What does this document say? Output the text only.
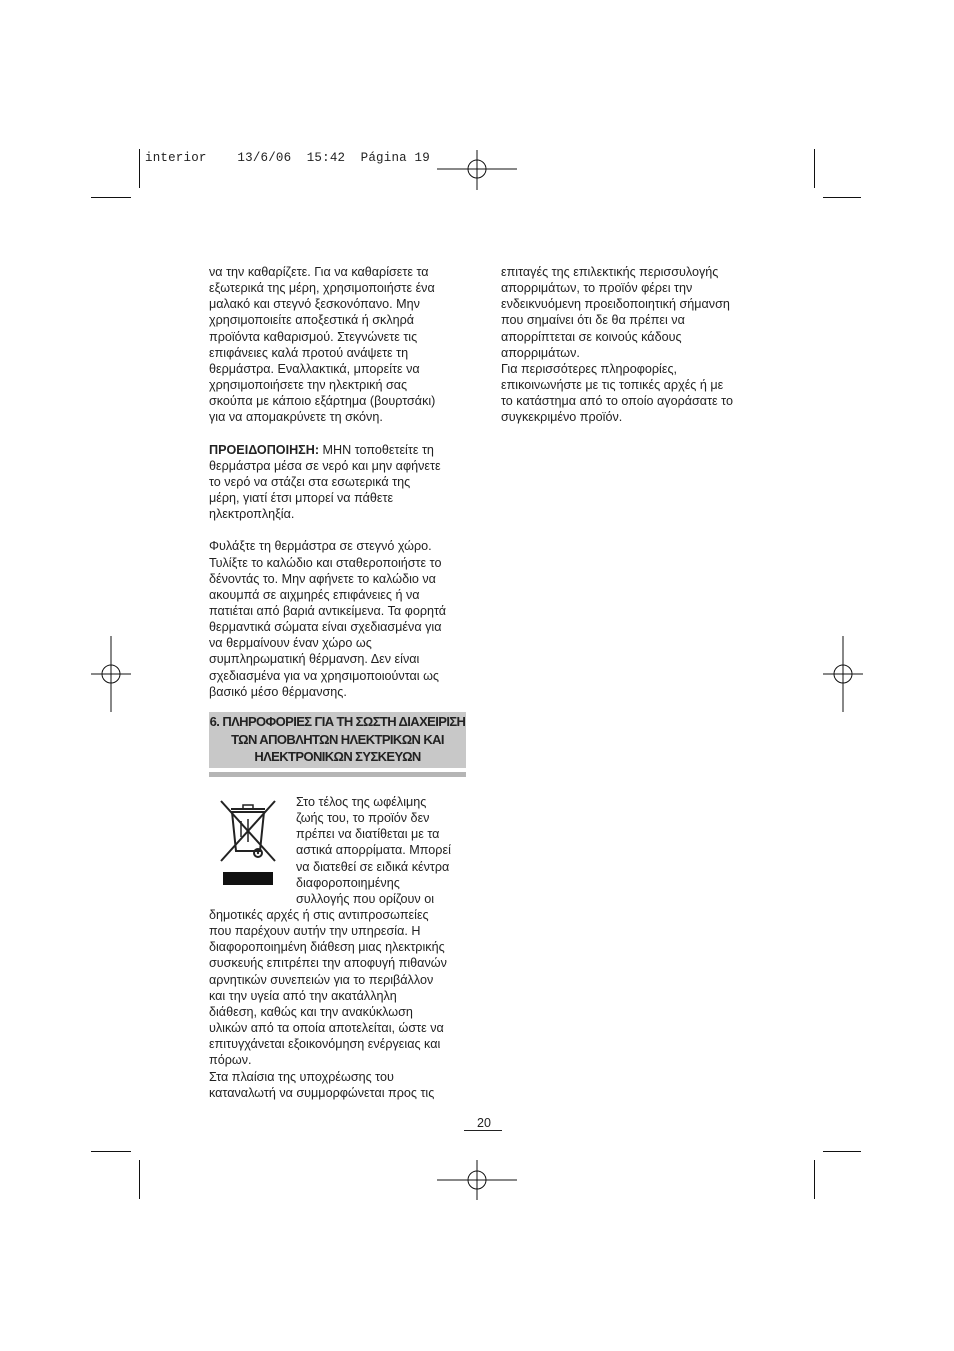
interior    13/6/06  15:42  Página 19

να την καθαρίζετε. Για να καθαρίσετε τα

εξωτερικά της μέρη, χρησιμοποιήστε ένα

μαλακό και στεγνό ξεσκονόπανο. Μην

χρησιμοποιείτε αποξεστικά ή σκληρά

προϊόντα καθαρισμού. Στεγνώνετε τις

επιφάνειες καλά προτού ανάψετε τη

θερμάστρα. Εναλλακτικά, μπορείτε να

χρησιμοποιήσετε την ηλεκτρική σας

σκούπα με κάποιο εξάρτημα (βουρτσάκι)

για να απομακρύνετε τη σκόνη.

ΠΡΟΕΙΔΟΠΟΙΗΣΗ: ΜΗΝ τοποθετείτε τη

θερμάστρα μέσα σε νερό και μην αφήνετε

το νερό να στάζει στα εσωτερικά της

μέρη, γιατί έτσι μπορεί να πάθετε

ηλεκτροπληξία.

Φυλάξτε τη θερμάστρα σε στεγνό χώρο.

Τυλίξτε το καλώδιο και σταθεροποιήστε το

δένοντάς το. Μην αφήνετε το καλώδιο να

ακουμπά σε αιχμηρές επιφάνειες ή να

πατιέται από βαριά αντικείμενα. Τα φορητά

θερμαντικά σώματα είναι σχεδιασμένα για

να θερμαίνουν έναν χώρο ως

συμπληρωματική θέρμανση. Δεν είναι

σχεδιασμένα για να χρησιμοποιούνται ως

βασικό μέσο θέρμανσης.

6. ΠΛΗΡΟΦΟΡΙΕΣ ΓΙΑ ΤΗ ΣΩΣΤΗ ΔΙΑΧΕΙΡΙΣΗ
ΤΩΝ ΑΠΟΒΛΗΤΩΝ ΗΛΕΚΤΡΙΚΩΝ ΚΑΙ
ΗΛΕΚΤΡΟΝΙΚΩΝ ΣΥΣΚΕΥΩΝ

Στο τέλος της ωφέλιμης

ζωής του, το προϊόν δεν

πρέπει να διατίθεται με τα

αστικά απορρίματα. Μπορεί

να διατεθεί σε ειδικά κέντρα

διαφοροποιημένης

συλλογής που ορίζουν οι

δημοτικές αρχές ή στις αντιπροσωπείες

που παρέχουν αυτήν την υπηρεσία. Η

διαφοροποιημένη διάθεση μιας ηλεκτρικής

συσκευής επιτρέπει την αποφυγή πιθανών

αρνητικών συνεπειών για το περιβάλλον

και την υγεία από την ακατάλληλη

διάθεση, καθώς και την ανακύκλωση

υλικών από τα οποία αποτελείται, ώστε να

επιτυγχάνεται εξοικονόμηση ενέργειας και

πόρων.

Στα πλαίσια της υποχρέωσης του

καταναλωτή να συμμορφώνεται προς τις

επιταγές της επιλεκτικής περισσυλογής

απορριμάτων, το προϊόν φέρει την

ενδεικνυόμενη προειδοποιητική σήμανση

που σημαίνει ότι δε θα πρέπει να

απορρίπτεται σε κοινούς κάδους

απορριμάτων.

Για περισσότερες πληροφορίες,

επικοινωνήστε με τις τοπικές αρχές ή με

το κατάστημα από το οποίο αγοράσατε το

συγκεκριμένο προϊόν.

20
